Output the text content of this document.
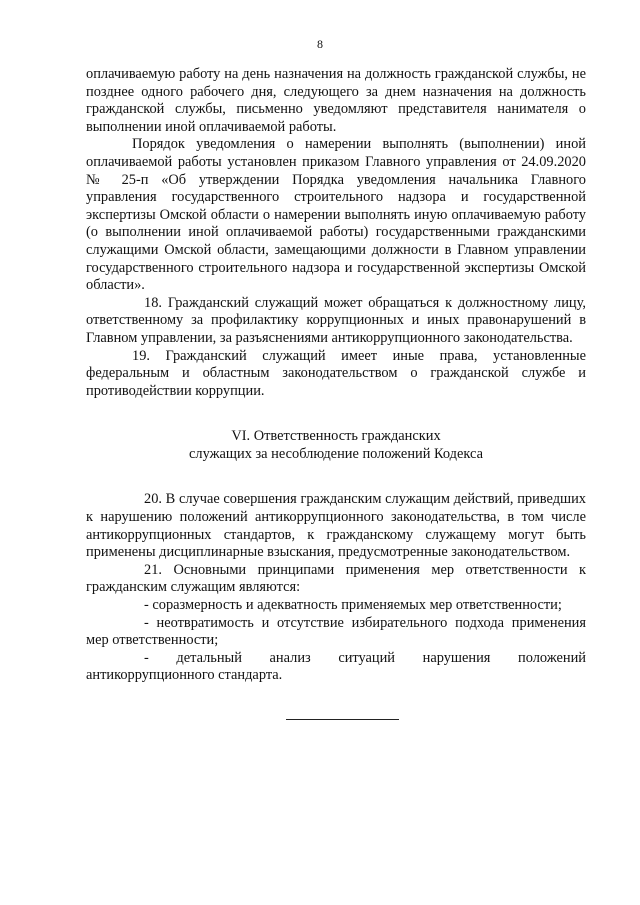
8

оплачиваемую работу на день назначения на должность гражданской службы, не позднее одного рабочего дня, следующего за днем назначения на должность гражданской службы, письменно уведомляют представителя нанимателя о выполнении иной оплачиваемой работы.

Порядок уведомления о намерении выполнять (выполнении) иной оплачиваемой работы установлен приказом Главного управления от 24.09.2020 № 25-п «Об утверждении Порядка уведомления начальника Главного управления государственного строительного надзора и государственной экспертизы Омской области о намерении выполнять иную оплачиваемую работу (о выполнении иной оплачиваемой работы) государственными гражданскими служащими Омской области, замещающими должности в Главном управлении государственного строительного надзора и государственной экспертизы Омской области».

18. Гражданский служащий может обращаться к должностному лицу, ответственному за профилактику коррупционных и иных правонарушений в Главном управлении, за разъяснениями антикоррупционного законодательства.

19. Гражданский служащий имеет иные права, установленные федеральным и областным законодательством о гражданской службе и противодействии коррупции.

VI. Ответственность гражданских
служащих за несоблюдение положений Кодекса

20. В случае совершения гражданским служащим действий, приведших к нарушению положений антикоррупционного законодательства, в том числе антикоррупционных стандартов, к гражданскому служащему могут быть применены дисциплинарные взыскания, предусмотренные законодательством.

21. Основными принципами применения мер ответственности к гражданским служащим являются:

- соразмерность и адекватность применяемых мер ответственности;

- неотвратимость и отсутствие избирательного подхода применения мер ответственности;

- детальный анализ ситуаций нарушения положений антикоррупционного стандарта.
